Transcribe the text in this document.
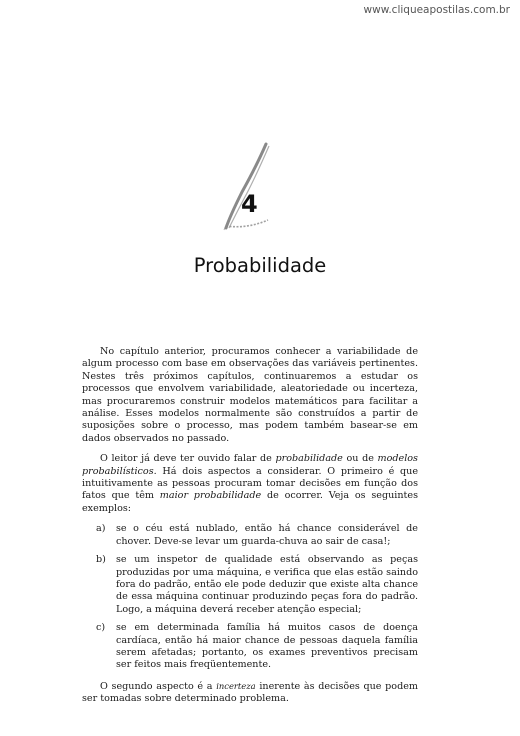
www.cliqueapostilas.com.br
4
Probabilidade

No capítulo anterior, procuramos conhecer a variabilidade de algum processo com base em observações das variáveis pertinentes. Nestes três próximos capítulos, continuaremos a estudar os processos que envolvem variabilidade, aleatoriedade ou incerteza, mas procuraremos construir modelos matemáticos para facilitar a análise. Esses modelos normalmente são construídos a partir de suposições sobre o processo, mas podem também basear-se em dados observados no passado.

O leitor já deve ter ouvido falar de probabilidade ou de modelos probabilísticos. Há dois aspectos a considerar. O primeiro é que intuitivamente as pessoas procuram tomar decisões em função dos fatos que têm maior probabilidade de ocorrer. Veja os seguintes exemplos:

a) se o céu está nublado, então há chance considerável de chover. Deve-se levar um guarda-chuva ao sair de casa!;
b) se um inspetor de qualidade está observando as peças produzidas por uma máquina, e verifica que elas estão saindo fora do padrão, então ele pode deduzir que existe alta chance de essa máquina continuar produzindo peças fora do padrão. Logo, a máquina deverá receber atenção especial;
c) se em determinada família há muitos casos de doença cardíaca, então há maior chance de pessoas daquela família serem afetadas; portanto, os exames preventivos precisam ser feitos mais freqüentemente.

O segundo aspecto é a incerteza inerente às decisões que podem ser tomadas sobre determinado problema.
